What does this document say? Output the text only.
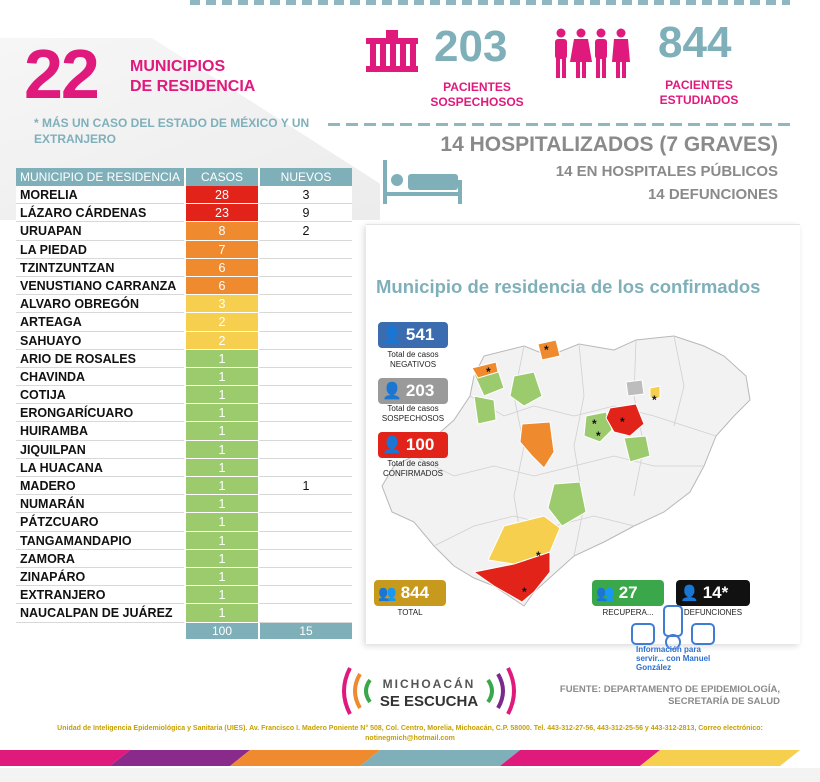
22 MUNICIPIOS
DE RESIDENCIA
* MÁS UN CASO DEL ESTADO DE MÉXICO Y UN EXTRANJERO
203
PACIENTES
SOSPECHOSOS
844
PACIENTES
ESTUDIADOS
14 HOSPITALIZADOS (7 GRAVES)
14 EN HOSPITALES PÚBLICOS
14 DEFUNCIONES
MUNICIPIO DE RESIDENCIA	CASOS	NUEVOS
MORELIA	28	3
LÁZARO CÁRDENAS	23	9
URUAPAN	8	2
LA PIEDAD	7
TZINTZUNTZAN	6
VENUSTIANO CARRANZA	6
ALVARO OBREGÓN	3
ARTEAGA	2
SAHUAYO	2
ARIO DE ROSALES	1
CHAVINDA	1
COTIJA	1
ERONGARÍCUARO	1
HUIRAMBA	1
JIQUILPAN	1
LA HUACANA	1
MADERO	1	1
NUMARÁN	1
PÁTZCUARO	1
TANGAMANDAPIO	1
ZAMORA	1
ZINAPÁRO	1
EXTRANJERO	1
NAUCALPAN DE JUÁREZ	1
100	15
Municipio de residencia de los confirmados
*
*
*
*
*
*
*
*
👤 541
Total de casos
NEGATIVOS
👤 203
Total de casos
SOSPECHOSOS
👤 100
Total de casos
CONFIRMADOS
👥 844
TOTAL
👥 27
RECUPERA...
👤 14*
DEFUNCIONES
Información para servir... con Manuel González
MICHOACÁN
SE ESCUCHA
FUENTE: DEPARTAMENTO DE EPIDEMIOLOGÍA,
SECRETARÍA DE SALUD
Unidad de Inteligencia Epidemiológica y Sanitaria (UIES). Av. Francisco I. Madero Poniente N° 508, Col. Centro, Morelia, Michoacán, C.P. 58000. Tel. 443-312-27-56, 443-312-25-56 y 443-312-2813, Correo electrónico: notinegmich@hotmail.com
